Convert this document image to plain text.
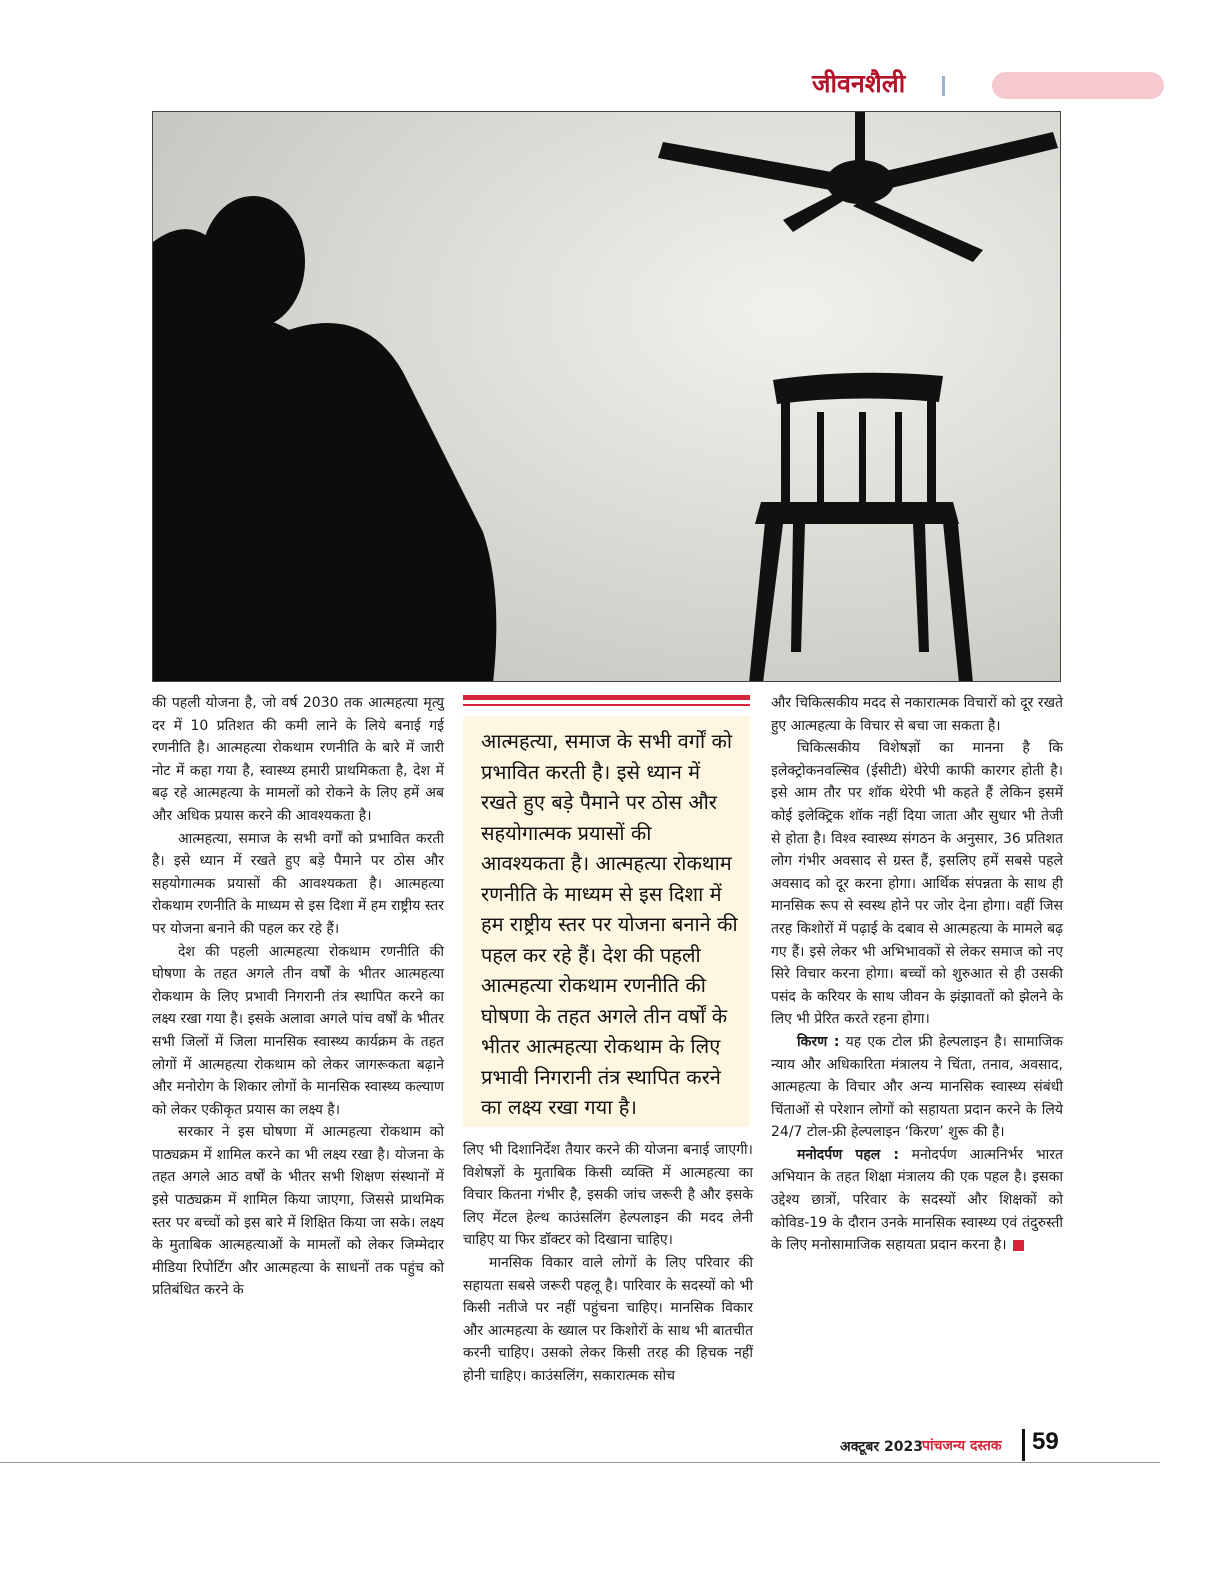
जीवनशैली

की पहली योजना है, जो वर्ष 2030 तक आत्महत्या मृत्यु दर में 10 प्रतिशत की कमी लाने के लिये बनाई गई रणनीति है। आत्महत्या रोकथाम रणनीति के बारे में जारी नोट में कहा गया है, स्वास्थ्य हमारी प्राथमिकता है, देश में बढ़ रहे आत्महत्या के मामलों को रोकने के लिए हमें अब और अधिक प्रयास करने की आवश्यकता है।

आत्महत्या, समाज के सभी वर्गों को प्रभावित करती है। इसे ध्यान में रखते हुए बड़े पैमाने पर ठोस और सहयोगात्मक प्रयासों की आवश्यकता है। आत्महत्या रोकथाम रणनीति के माध्यम से इस दिशा में हम राष्ट्रीय स्तर पर योजना बनाने की पहल कर रहे हैं।

देश की पहली आत्महत्या रोकथाम रणनीति की घोषणा के तहत अगले तीन वर्षों के भीतर आत्महत्या रोकथाम के लिए प्रभावी निगरानी तंत्र स्थापित करने का लक्ष्य रखा गया है। इसके अलावा अगले पांच वर्षों के भीतर सभी जिलों में जिला मानसिक स्वास्थ्य कार्यक्रम के तहत लोगों में आत्महत्या रोकथाम को लेकर जागरूकता बढ़ाने और मनोरोग के शिकार लोगों के मानसिक स्वास्थ्य कल्याण को लेकर एकीकृत प्रयास का लक्ष्य है।

सरकार ने इस घोषणा में आत्महत्या रोकथाम को पाठ्यक्रम में शामिल करने का भी लक्ष्य रखा है। योजना के तहत अगले आठ वर्षों के भीतर सभी शिक्षण संस्थानों में इसे पाठ्यक्रम में शामिल किया जाएगा, जिससे प्राथमिक स्तर पर बच्चों को इस बारे में शिक्षित किया जा सके। लक्ष्य के मुताबिक आत्महत्याओं के मामलों को लेकर जिम्मेदार मीडिया रिपोर्टिंग और आत्महत्या के साधनों तक पहुंच को प्रतिबंधित करने के

आत्महत्या, समाज के सभी वर्गों को प्रभावित करती है। इसे ध्यान में रखते हुए बड़े पैमाने पर ठोस और सहयोगात्मक प्रयासों की आवश्यकता है। आत्महत्या रोकथाम रणनीति के माध्यम से इस दिशा में हम राष्ट्रीय स्तर पर योजना बनाने की पहल कर रहे हैं। देश की पहली आत्महत्या रोकथाम रणनीति की घोषणा के तहत अगले तीन वर्षों के भीतर आत्महत्या रोकथाम के लिए प्रभावी निगरानी तंत्र स्थापित करने का लक्ष्य रखा गया है।

लिए भी दिशानिर्देश तैयार करने की योजना बनाई जाएगी। विशेषज्ञों के मुताबिक किसी व्यक्ति में आत्महत्या का विचार कितना गंभीर है, इसकी जांच जरूरी है और इसके लिए मेंटल हेल्थ काउंसलिंग हेल्पलाइन की मदद लेनी चाहिए या फिर डॉक्टर को दिखाना चाहिए।

मानसिक विकार वाले लोगों के लिए परिवार की सहायता सबसे जरूरी पहलू है। पारिवार के सदस्यों को भी किसी नतीजे पर नहीं पहुंचना चाहिए। मानसिक विकार और आत्महत्या के ख्याल पर किशोरों के साथ भी बातचीत करनी चाहिए। उसको लेकर किसी तरह की हिचक नहीं होनी चाहिए। काउंसलिंग, सकारात्मक सोच

और चिकित्सकीय मदद से नकारात्मक विचारों को दूर रखते हुए आत्महत्या के विचार से बचा जा सकता है।

चिकित्सकीय विशेषज्ञों का मानना है कि इलेक्ट्रोकनवल्सिव (ईसीटी) थेरेपी काफी कारगर होती है। इसे आम तौर पर शॉक थेरेपी भी कहते हैं लेकिन इसमें कोई इलेक्ट्रिक शॉक नहीं दिया जाता और सुधार भी तेजी से होता है। विश्व स्वास्थ्य संगठन के अनुसार, 36 प्रतिशत लोग गंभीर अवसाद से ग्रस्त हैं, इसलिए हमें सबसे पहले अवसाद को दूर करना होगा। आर्थिक संपन्नता के साथ ही मानसिक रूप से स्वस्थ होने पर जोर देना होगा। वहीं जिस तरह किशोरों में पढ़ाई के दबाव से आत्महत्या के मामले बढ़ गए हैं। इसे लेकर भी अभिभावकों से लेकर समाज को नए सिरे विचार करना होगा। बच्चों को शुरुआत से ही उसकी पसंद के करियर के साथ जीवन के झंझावतों को झेलने के लिए भी प्रेरित करते रहना होगा।

किरण : यह एक टोल फ्री हेल्पलाइन है। सामाजिक न्याय और अधिकारिता मंत्रालय ने चिंता, तनाव, अवसाद, आत्महत्या के विचार और अन्य मानसिक स्वास्थ्य संबंधी चिंताओं से परेशान लोगों को सहायता प्रदान करने के लिये 24/7 टोल-फ्री हेल्पलाइन ‘किरण’ शुरू की है।

मनोदर्पण पहल : मनोदर्पण आत्मनिर्भर भारत अभियान के तहत शिक्षा मंत्रालय की एक पहल है। इसका उद्देश्य छात्रों, परिवार के सदस्यों और शिक्षकों को कोविड-19 के दौरान उनके मानसिक स्वास्थ्य एवं तंदुरुस्ती के लिए मनोसामाजिक सहायता प्रदान करना है।

अक्टूबर 2023 पांचजन्य दस्तक 59
